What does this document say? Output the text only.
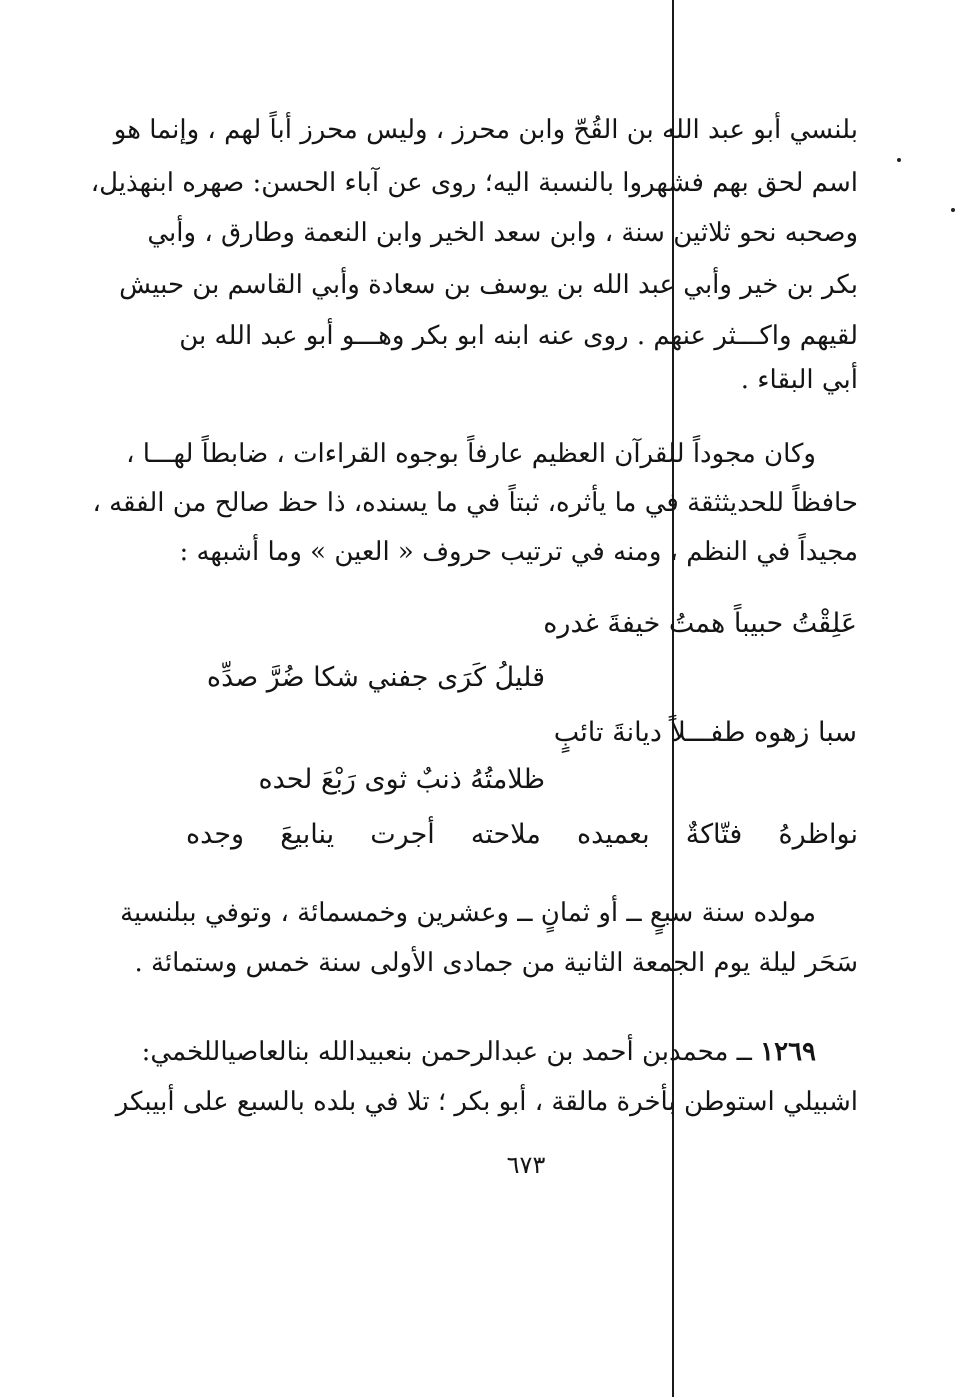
بلنسي أبو عبد الله بن القُحّ وابن محرز ، وليس محرز أباً لهم ، وإنما هو

اسم لحق بهم فشهروا بالنسبة اليه؛ روى عن آباء الحسن: صهره ابنهذيل،

وصحبه نحو ثلاثين سنة ، وابن سعد الخير وابن النعمة وطارق ، وأبي

بكر بن خير وأبي عبد الله بن يوسف بن سعادة وأبي القاسم بن حبيش

لقيهم واكـــثر عنهم . روى عنه ابنه ابو بكر وهـــو أبو عبد الله بن

أبي البقاء .

وكان مجوداً للقرآن العظيم عارفاً بوجوه القراءات ، ضابطاً لهـــا ،

حافظاً للحديثثقة في ما يأثره، ثبتاً في ما يسنده، ذا حظ صالح من الفقه ،

مجيداً في النظم ، ومنه في ترتيب حروف « العين » وما أشبهه :

عَلِقْتُ حبيباً همتُ خيفةَ غدره

قليلُ كَرَى جفني شكا ضُرَّ صدِّه

سبا زهوه طفـــلاً ديانةَ تائبٍ

ظلامتُهُ ذنبٌ ثوى رَبْعَ لحده

نواظرهُ فتّاكةٌ بعميده ملاحته أجرت ينابيعَ وجده

مولده سنة سبعٍ ــ أو ثمانٍ ــ وعشرين وخمسمائة ، وتوفي ببلنسية

سَحَر ليلة يوم الجمعة الثانية من جمادى الأولى سنة خمس وستمائة .

١٢٦٩ ــ محمدبن أحمد بن عبدالرحمن بنعبيدالله بنالعاصياللخمي:

اشبيلي استوطن بأخرة مالقة ، أبو بكر ؛ تلا في بلده بالسبع على أبيبكر

٦٧٣
